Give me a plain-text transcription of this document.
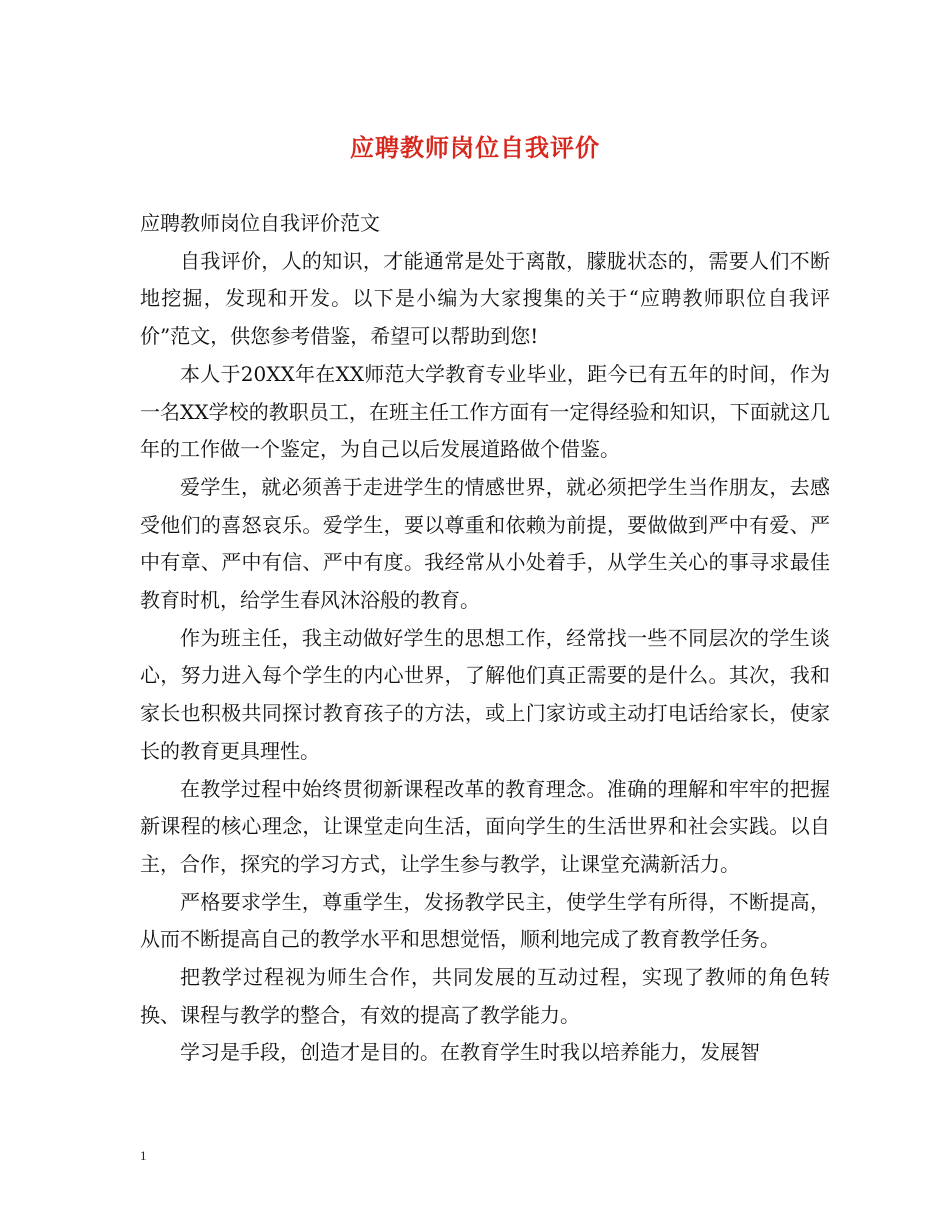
应聘教师岗位自我评价

应聘教师岗位自我评价范文

自我评价，人的知识，才能通常是处于离散，朦胧状态的，需要人们不断地挖掘，发现和开发。以下是小编为大家搜集的关于“应聘教师职位自我评价”范文，供您参考借鉴，希望可以帮助到您!

本人于20XX年在XX师范大学教育专业毕业，距今已有五年的时间，作为一名XX学校的教职员工，在班主任工作方面有一定得经验和知识，下面就这几年的工作做一个鉴定，为自己以后发展道路做个借鉴。

爱学生，就必须善于走进学生的情感世界，就必须把学生当作朋友，去感受他们的喜怒哀乐。爱学生，要以尊重和依赖为前提，要做做到严中有爱、严中有章、严中有信、严中有度。我经常从小处着手，从学生关心的事寻求最佳教育时机，给学生春风沐浴般的教育。

作为班主任，我主动做好学生的思想工作，经常找一些不同层次的学生谈心，努力进入每个学生的内心世界，了解他们真正需要的是什么。其次，我和家长也积极共同探讨教育孩子的方法，或上门家访或主动打电话给家长，使家长的教育更具理性。

在教学过程中始终贯彻新课程改革的教育理念。准确的理解和牢牢的把握新课程的核心理念，让课堂走向生活，面向学生的生活世界和社会实践。以自主，合作，探究的学习方式，让学生参与教学，让课堂充满新活力。

严格要求学生，尊重学生，发扬教学民主，使学生学有所得，不断提高，从而不断提高自己的教学水平和思想觉悟，顺利地完成了教育教学任务。

把教学过程视为师生合作，共同发展的互动过程，实现了教师的角色转换、课程与教学的整合，有效的提高了教学能力。

学习是手段，创造才是目的。在教育学生时我以培养能力，发展智

1
